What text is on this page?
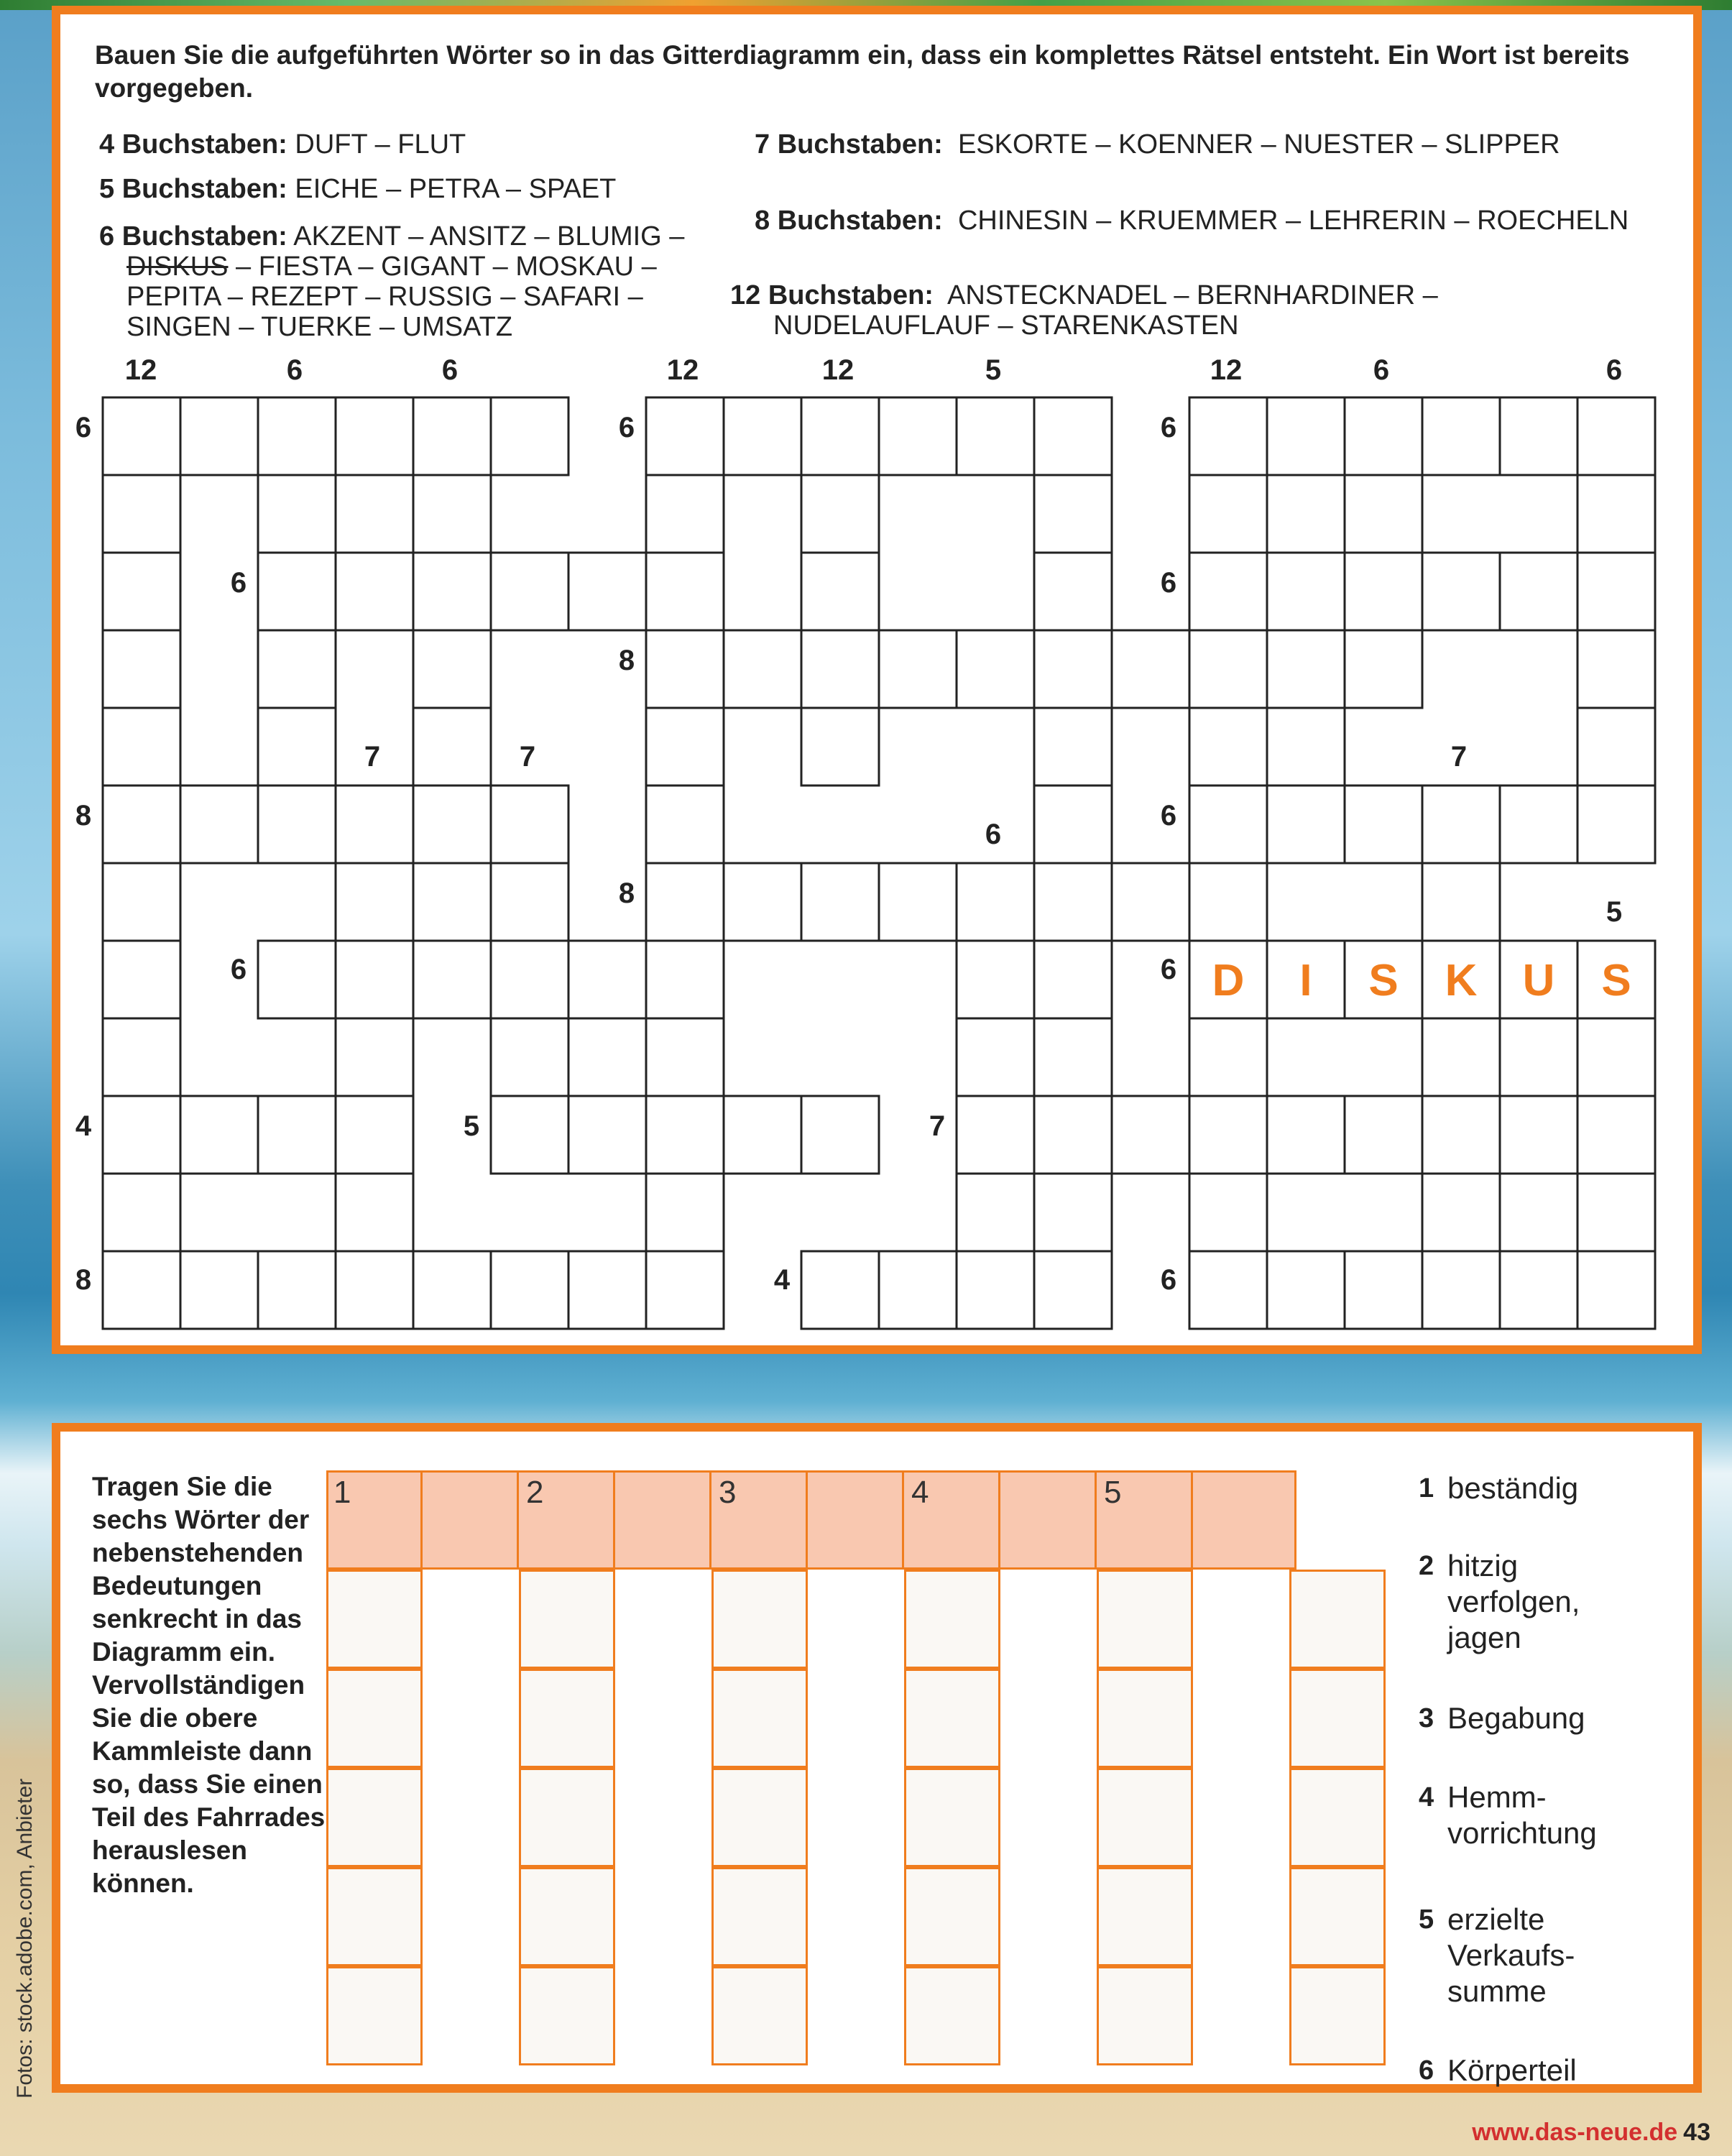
Bauen Sie die aufgeführten Wörter so in das Gitterdiagramm ein, dass ein komplettes Rätsel entsteht. Ein Wort ist bereits vorgegeben.
4 Buchstaben: DUFT – FLUT
5 Buchstaben: EICHE – PETRA – SPAET
6 Buchstaben: AKZENT – ANSITZ – BLUMIG –
DISKUS – FIESTA – GIGANT – MOSKAU –
PEPITA – REZEPT – RUSSIG – SAFARI –
SINGEN – TUERKE – UMSATZ
7 Buchstaben: ESKORTE – KOENNER – NUESTER – SLIPPER
8 Buchstaben: CHINESIN – KRUEMMER – LEHRERIN – ROECHELN
12 Buchstaben: ANSTECKNADEL – BERNHARDINER –
NUDELAUFLAUF – STARENKASTEN
12	6	6	12	12	5	12	6	6
6	6	6
6	6
8
7	7	7
8	6
6
8
5
6	6
4	5	7
8	4	6
D I S K U S
Tragen Sie die sechs Wörter der nebenstehenden Bedeutungen senkrecht in das Diagramm ein. Vervollständigen Sie die obere Kammleiste dann so, dass Sie einen Teil des Fahrrades herauslesen können.
1	2	3	4	5	1 beständig
2 hitzig
verfolgen,
jagen
3 Begabung
4 Hemm-
vorrichtung
5 erzielte
Verkaufs-
summe
6 Körperteil
Fotos: stock.adobe.com, Anbieter
www.das-neue.de 43
